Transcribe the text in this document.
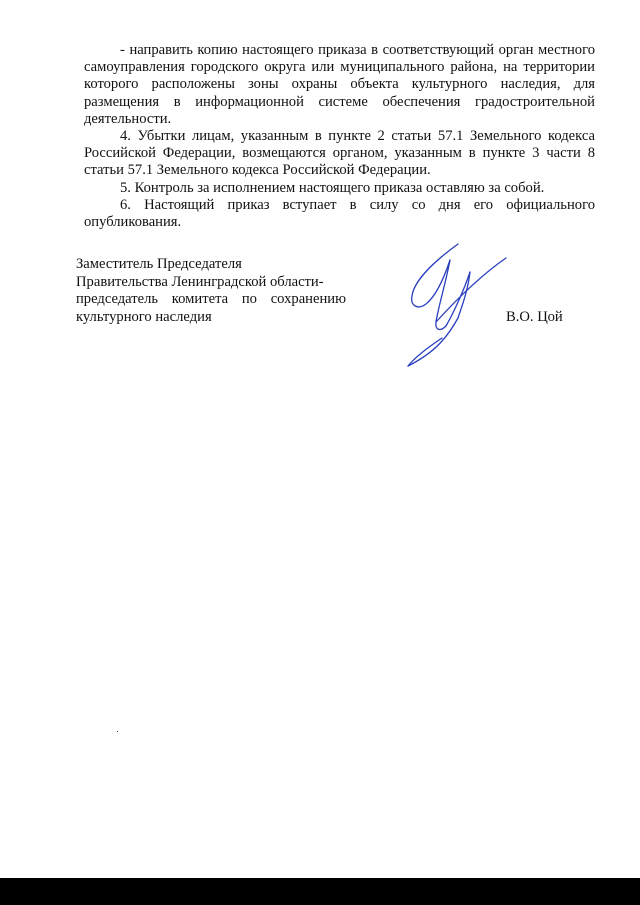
- направить копию настоящего приказа в соответствующий орган местного самоуправления городского округа или муниципального района, на территории которого расположены зоны охраны объекта культурного наследия, для размещения в информационной системе обеспечения градостроительной деятельности.

4. Убытки лицам, указанным в пункте 2 статьи 57.1 Земельного кодекса Российской Федерации, возмещаются органом, указанным в пункте 3 части 8 статьи 57.1 Земельного кодекса Российской Федерации.

5. Контроль за исполнением настоящего приказа оставляю за собой.

6. Настоящий приказ вступает в силу со дня его официального опубликования.

Заместитель Председателя
Правительства Ленинградской области-
председатель комитета по сохранению
культурного наследия	В.О. Цой
